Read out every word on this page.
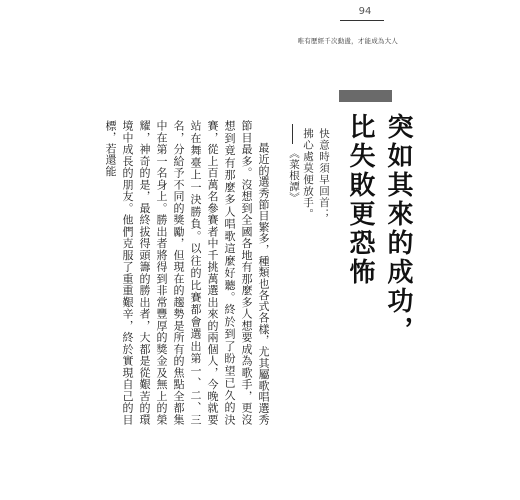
94
唯有歷經千次動盪，才能成為大人
突如其來的成功，
比失敗更恐怖
快意時須早回首；
拂心處莫便放手。
《菜根譚》

最近的選秀節目繁多，種類也各式各樣，尤其屬歌唱選秀節目最多。沒想到全國各地有那麼多人想要成為歌手，更沒想到竟有那麼多人唱歌這麼好聽。終於到了盼望已久的決賽，從上百萬名參賽者中千挑萬選出來的兩個人，今晚就要站在舞臺上一決勝負。以往的比賽都會選出第一、二、三名，分給予不同的獎勵，但現在的趨勢是所有的焦點全都集中在第一名身上。勝出者將得到非常豐厚的獎金及無上的榮耀，神奇的是，最終拔得頭籌的勝出者，大都是從艱苦的環境中成長的朋友。他們克服了重重艱辛，終於實現自己的目標，若還能
